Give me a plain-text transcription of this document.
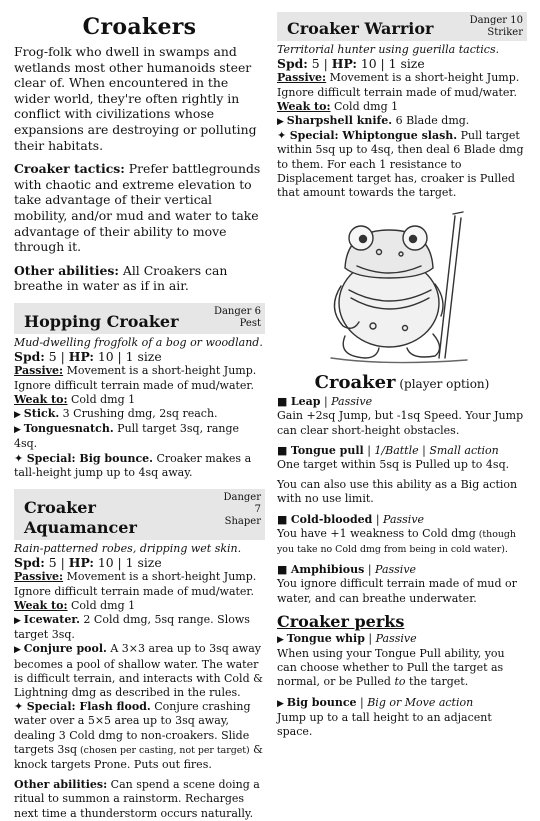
Croakers

Frog-folk who dwell in swamps and wetlands most other humanoids steer clear of. When encountered in the wider world, they're often rightly in conflict with civilizations whose expansions are destroying or polluting their habitats.

Croaker tactics: Prefer battlegrounds with chaotic and extreme elevation to take advantage of their vertical mobility, and/or mud and water to take advantage of their ability to move through it.

Other abilities: All Croakers can breathe in water as if in air.

Hopping Croaker
Danger 6
Pest

Mud-dwelling frogfolk of a bog or woodland.

Spd: 5 | HP: 10 | 1 size

Passive: Movement is a short-height Jump. Ignore difficult terrain made of mud/water.

Weak to: Cold dmg 1

▶ Stick. 3 Crushing dmg, 2sq reach.

▶ Tonguesnatch. Pull target 3sq, range 4sq.

✦ Special: Big bounce. Croaker makes a tall-height jump up to 4sq away.

Croaker Aquamancer
Danger 7
Shaper

Rain-patterned robes, dripping wet skin.

Spd: 5 | HP: 10 | 1 size

Passive: Movement is a short-height Jump. Ignore difficult terrain made of mud/water.

Weak to: Cold dmg 1

▶ Icewater. 2 Cold dmg, 5sq range. Slows target 3sq.

▶ Conjure pool. A 3×3 area up to 3sq away becomes a pool of shallow water. The water is difficult terrain, and interacts with Cold & Lightning dmg as described in the rules.

✦ Special: Flash flood. Conjure crashing water over a 5×5 area up to 3sq away, dealing 3 Cold dmg to non-croakers. Slide targets 3sq (chosen per casting, not per target) & knock targets Prone. Puts out fires.

Other abilities: Can spend a scene doing a ritual to summon a rainstorm. Recharges next time a thunderstorm occurs naturally.

Croaker Warrior	Danger 10
Striker

Territorial hunter using guerilla tactics.

Spd: 5 | HP: 10 | 1 size

Passive: Movement is a short-height Jump. Ignore difficult terrain made of mud/water.

Weak to: Cold dmg 1

▶ Sharpshell knife. 6 Blade dmg.

✦ Special: Whiptongue slash. Pull target within 5sq up to 4sq, then deal 6 Blade dmg to them. For each 1 resistance to Displacement target has, croaker is Pulled that amount towards the target.

Croaker (player option)

■ Leap | Passive

Gain +2sq Jump, but -1sq Speed. Your Jump can clear short-height obstacles.

■ Tongue pull | 1/Battle | Small action

One target within 5sq is Pulled up to 4sq.

You can also use this ability as a Big action with no use limit.

■ Cold-blooded | Passive

You have +1 weakness to Cold dmg (though you take no Cold dmg from being in cold water).

■ Amphibious | Passive

You ignore difficult terrain made of mud or water, and can breathe underwater.

Croaker perks

▶ Tongue whip | Passive

When using your Tongue Pull ability, you can choose whether to Pull the target as normal, or be Pulled to the target.

▶ Big bounce | Big or Move action

Jump up to a tall height to an adjacent space.
